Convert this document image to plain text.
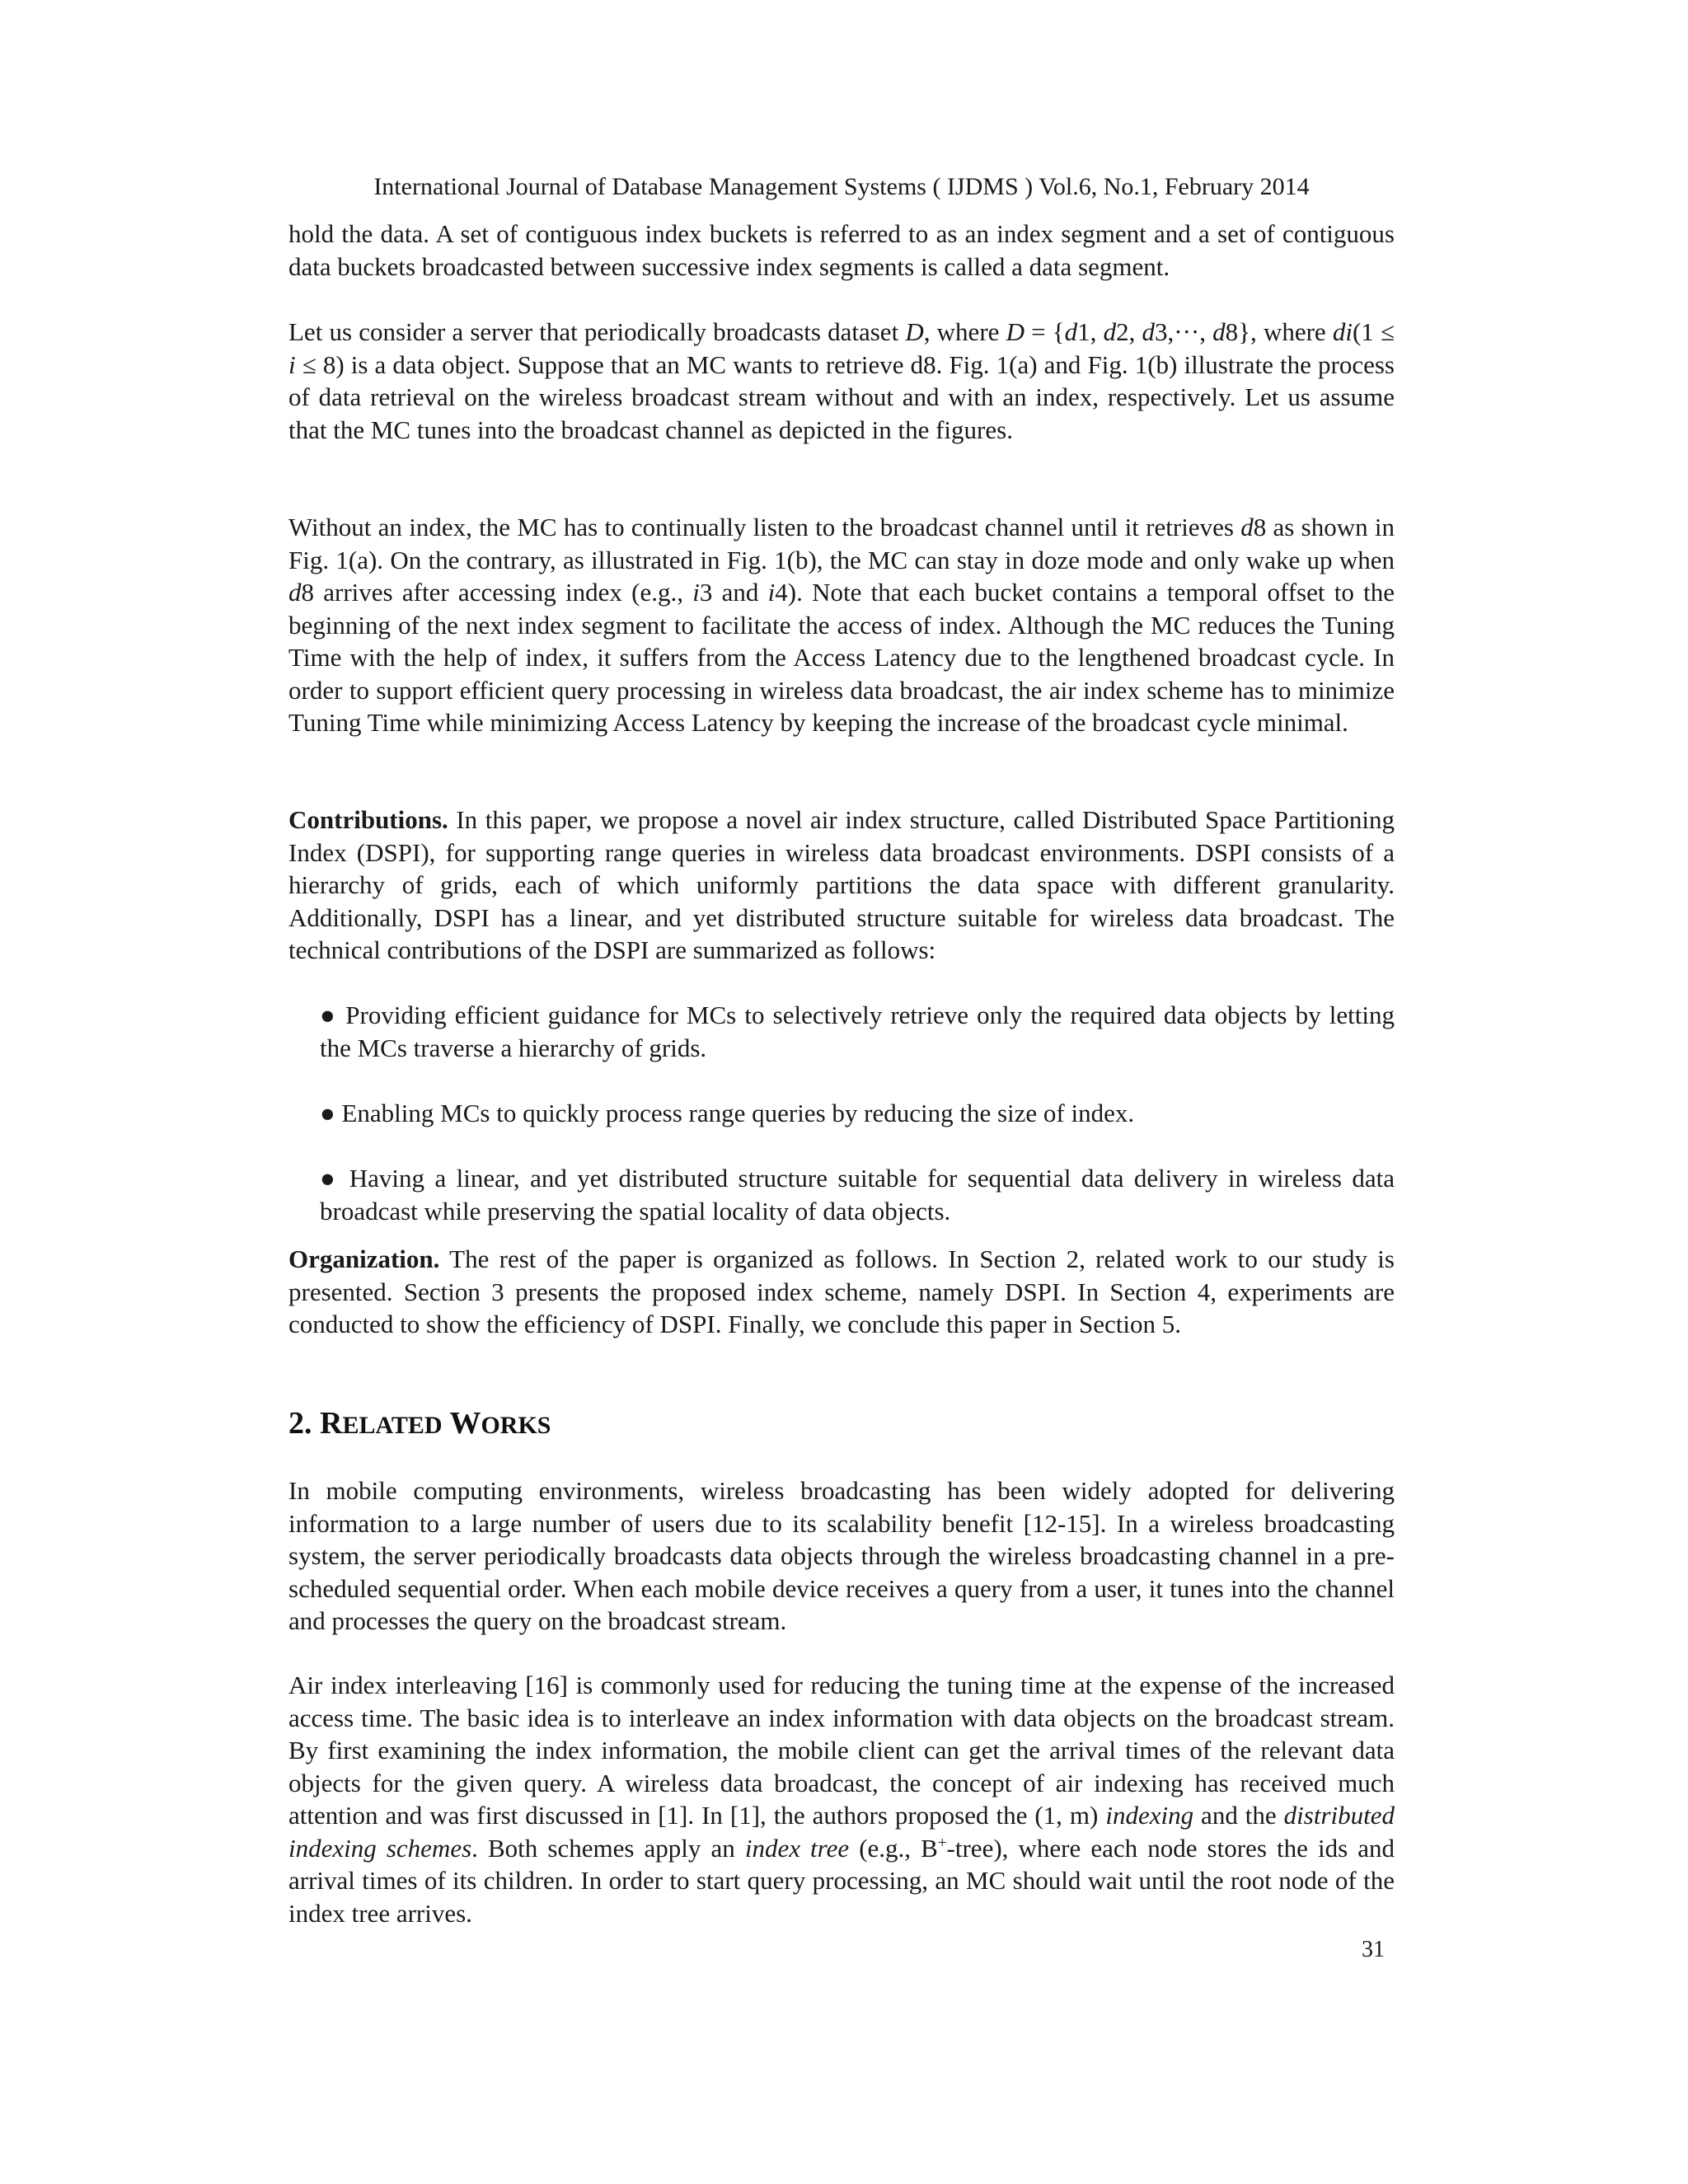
International Journal of Database Management Systems ( IJDMS ) Vol.6, No.1, February 2014

hold the data. A set of contiguous index buckets is referred to as an index segment and a set of contiguous data buckets broadcasted between successive index segments is called a data segment.

Let us consider a server that periodically broadcasts dataset D, where D = {d1, d2, d3,···, d8}, where di(1 ≤ i ≤ 8) is a data object. Suppose that an MC wants to retrieve d8. Fig. 1(a) and Fig. 1(b) illustrate the process of data retrieval on the wireless broadcast stream without and with an index, respectively. Let us assume that the MC tunes into the broadcast channel as depicted in the figures.

Without an index, the MC has to continually listen to the broadcast channel until it retrieves d8 as shown in Fig. 1(a). On the contrary, as illustrated in Fig. 1(b), the MC can stay in doze mode and only wake up when d8 arrives after accessing index (e.g., i3 and i4). Note that each bucket contains a temporal offset to the beginning of the next index segment to facilitate the access of index. Although the MC reduces the Tuning Time with the help of index, it suffers from the Access Latency due to the lengthened broadcast cycle. In order to support efficient query processing in wireless data broadcast, the air index scheme has to minimize Tuning Time while minimizing Access Latency by keeping the increase of the broadcast cycle minimal.

Contributions. In this paper, we propose a novel air index structure, called Distributed Space Partitioning Index (DSPI), for supporting range queries in wireless data broadcast environments. DSPI consists of a hierarchy of grids, each of which uniformly partitions the data space with different granularity. Additionally, DSPI has a linear, and yet distributed structure suitable for wireless data broadcast. The technical contributions of the DSPI are summarized as follows:

● Providing efficient guidance for MCs to selectively retrieve only the required data objects by letting the MCs traverse a hierarchy of grids.

● Enabling MCs to quickly process range queries by reducing the size of index.

● Having a linear, and yet distributed structure suitable for sequential data delivery in wireless data broadcast while preserving the spatial locality of data objects.

Organization. The rest of the paper is organized as follows. In Section 2, related work to our study is presented. Section 3 presents the proposed index scheme, namely DSPI. In Section 4, experiments are conducted to show the efficiency of DSPI. Finally, we conclude this paper in Section 5.

2. RELATED WORKS

In mobile computing environments, wireless broadcasting has been widely adopted for delivering information to a large number of users due to its scalability benefit [12-15]. In a wireless broadcasting system, the server periodically broadcasts data objects through the wireless broadcasting channel in a pre-scheduled sequential order. When each mobile device receives a query from a user, it tunes into the channel and processes the query on the broadcast stream.

Air index interleaving [16] is commonly used for reducing the tuning time at the expense of the increased access time. The basic idea is to interleave an index information with data objects on the broadcast stream. By first examining the index information, the mobile client can get the arrival times of the relevant data objects for the given query. A wireless data broadcast, the concept of air indexing has received much attention and was first discussed in [1]. In [1], the authors proposed the (1, m) indexing and the distributed indexing schemes. Both schemes apply an index tree (e.g., B+-tree), where each node stores the ids and arrival times of its children. In order to start query processing, an MC should wait until the root node of the index tree arrives.

31
